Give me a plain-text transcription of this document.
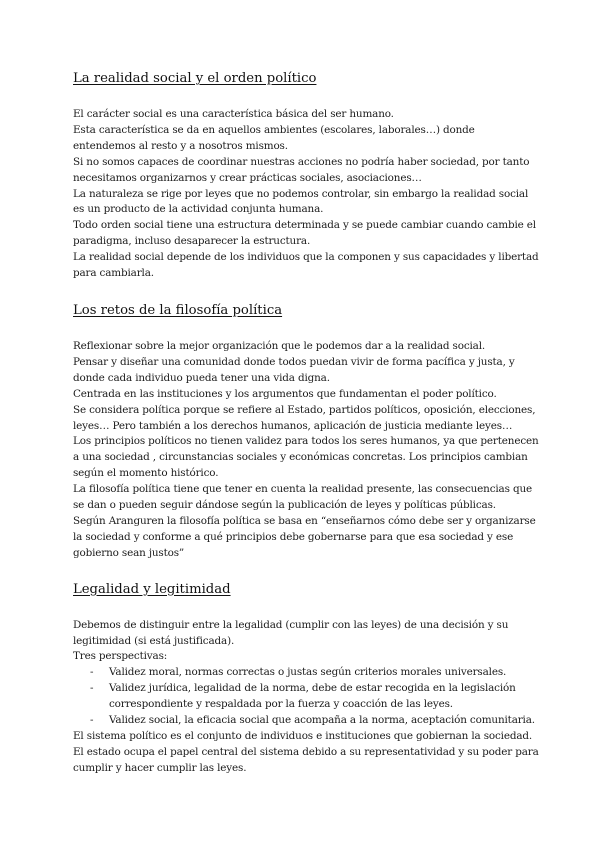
La realidad social y el orden político

El carácter social es una característica básica del ser humano.

Esta característica se da en aquellos ambientes (escolares, laborales…) donde entendemos al resto y a nosotros mismos.

Si no somos capaces de coordinar nuestras acciones no podría haber sociedad, por tanto necesitamos organizarnos y crear prácticas sociales, asociaciones…

La naturaleza se rige por leyes que no podemos controlar, sin embargo la realidad social es un producto de la actividad conjunta humana.

Todo orden social tiene una estructura determinada y se puede cambiar cuando cambie el paradigma, incluso desaparecer la estructura.

La realidad social depende de los individuos que la componen y sus capacidades y libertad para cambiarla.

Los retos de la filosofía política

Reflexionar sobre la mejor organización que le podemos dar a la realidad social.

Pensar y diseñar una comunidad donde todos puedan vivir de forma pacífica y justa, y donde cada individuo pueda tener una vida digna.

Centrada en las instituciones y los argumentos que fundamentan el poder político.

Se considera política porque se refiere al Estado, partidos políticos, oposición, elecciones, leyes… Pero también a los derechos humanos, aplicación de justicia mediante leyes…

Los principios políticos no tienen validez para todos los seres humanos, ya que pertenecen a una sociedad , circunstancias sociales y económicas concretas. Los principios cambian según el momento histórico.

La filosofía política tiene que tener en cuenta la realidad presente, las consecuencias que se dan o pueden seguir dándose según la publicación de leyes y políticas públicas.

Según Aranguren la filosofía política se basa en “enseñarnos cómo debe ser y organizarse la sociedad y conforme a qué principios debe gobernarse para que esa sociedad y ese gobierno sean justos”

Legalidad y legitimidad

Debemos de distinguir entre la legalidad (cumplir con las leyes) de una decisión y su legitimidad (si está justificada).

Tres perspectivas:

- Validez moral, normas correctas o justas según criterios morales universales.
- Validez jurídica, legalidad de la norma, debe de estar recogida en la legislación correspondiente y respaldada por la fuerza y coacción de las leyes.
- Validez social, la eficacia social que acompaña a la norma, aceptación comunitaria.

El sistema político es el conjunto de individuos e instituciones que gobiernan la sociedad.

El estado ocupa el papel central del sistema debido a su representatividad y su poder para cumplir y hacer cumplir las leyes.
